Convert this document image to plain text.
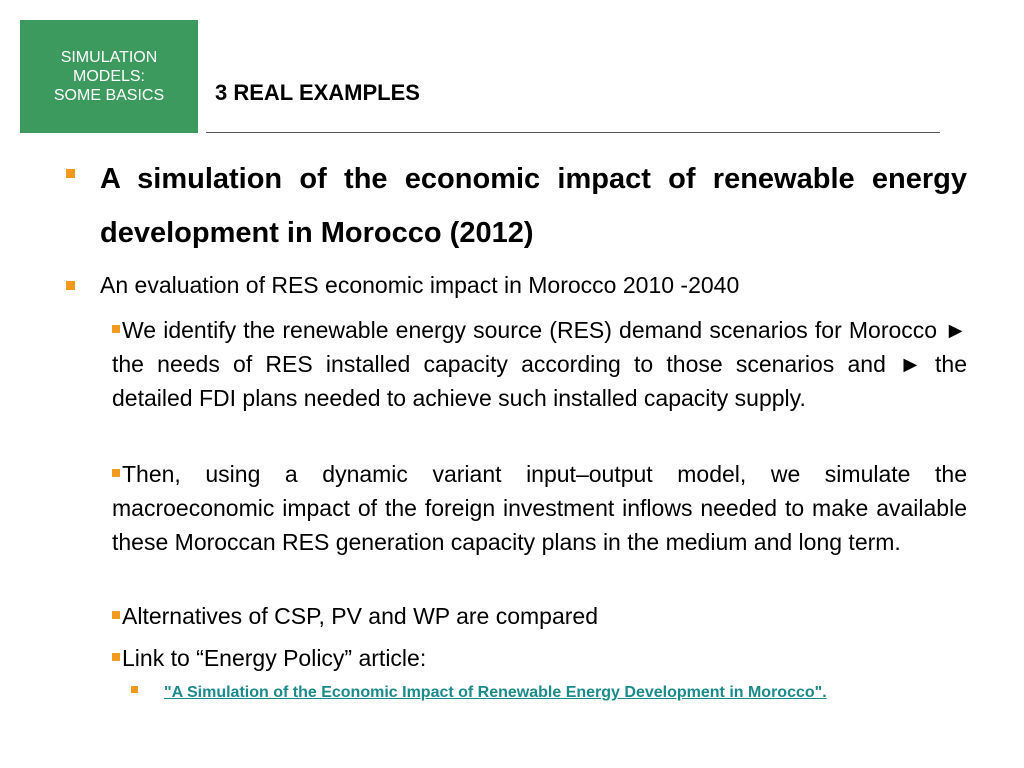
SIMULATION
MODELS:
SOME BASICS 3 REAL EXAMPLES

A simulation of the economic impact of renewable energy development in Morocco (2012)

An evaluation of RES economic impact in Morocco 2010 -2040

We identify the renewable energy source (RES) demand scenarios for Morocco ► the needs of RES installed capacity according to those scenarios and ► the detailed FDI plans needed to achieve such installed capacity supply.

Then, using a dynamic variant input–output model, we simulate the macroeconomic impact of the foreign investment inflows needed to make available these Moroccan RES generation capacity plans in the medium and long term.

Alternatives of CSP, PV and WP are compared

Link to “Energy Policy” article:

"A Simulation of the Economic Impact of Renewable Energy Development in Morocco".
